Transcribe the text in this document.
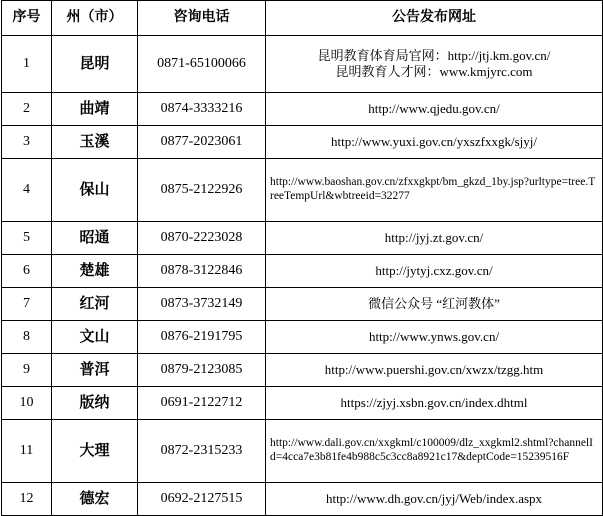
序号	州（市）	咨询电话	公告发布网址
1	昆明	0871-65100066	昆明教育体育局官网：http://jtj.km.gov.cn/
昆明教育人才网：www.kmjyrc.com

2	曲靖	0874-3333216	http://www.qjedu.gov.cn/

3	玉溪	0877-2023061	http://www.yuxi.gov.cn/yxszfxxgk/sjyj/

4	保山	0875-2122926	http://www.baoshan.gov.cn/zfxxgkpt/bm_gkzd_1by.jsp?urltype=tree.TreeTempUrl&wbtreeid=32277

5	昭通	0870-2223028	http://jyj.zt.gov.cn/

6	楚雄	0878-3122846	http://jytyj.cxz.gov.cn/

7	红河	0873-3732149	微信公众号 “红河教体”

8	文山	0876-2191795	http://www.ynws.gov.cn/

9	普洱	0879-2123085	http://www.puershi.gov.cn/xwzx/tzgg.htm

10	版纳	0691-2122712	https://zjyj.xsbn.gov.cn/index.dhtml

11	大理	0872-2315233	http://www.dali.gov.cn/xxgkml/c100009/dlz_xxgkml2.shtml?channelId=4cca7e3b81fe4b988c5c3cc8a8921c17&deptCode=15239516F

12	德宏	0692-2127515	http://www.dh.gov.cn/jyj/Web/index.aspx
